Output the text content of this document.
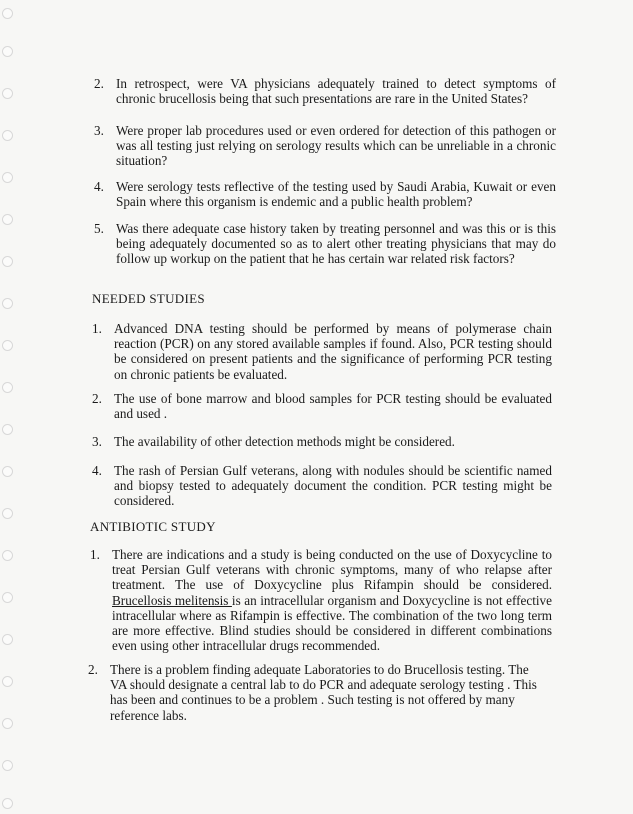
2. In retrospect, were VA physicians adequately trained to detect symptoms of chronic brucellosis being that such presentations are rare in the United States?
3. Were proper lab procedures used or even ordered for detection of this pathogen or was all testing just relying on serology results which can be unreliable in a chronic situation?
4. Were serology tests reflective of the testing used by Saudi Arabia, Kuwait or even Spain where this organism is endemic and a public health problem?
5. Was there adequate case history taken by treating personnel and was this or is this being adequately documented so as to alert other treating physicians that may do follow up workup on the patient that he has certain war related risk factors?
NEEDED STUDIES
1. Advanced DNA testing should be performed by means of polymerase chain reaction (PCR) on any stored available samples if found. Also, PCR testing should be considered on present patients and the significance of performing PCR testing on chronic patients be evaluated.
2. The use of bone marrow and blood samples for PCR testing should be evaluated and used .
3. The availability of other detection methods might be considered.
4. The rash of Persian Gulf veterans, along with nodules should be scientific named and biopsy tested to adequately document the condition. PCR testing might be considered.
ANTIBIOTIC STUDY
1. There are indications and a study is being conducted on the use of Doxycycline to treat Persian Gulf veterans with chronic symptoms, many of who relapse after treatment. The use of Doxycycline plus Rifampin should be considered. Brucellosis melitensis is an intracellular organism and Doxycycline is not effective intracellular where as Rifampin is effective. The combination of the two long term are more effective. Blind studies should be considered in different combinations even using other intracellular drugs recommended.
2. There is a problem finding adequate Laboratories to do Brucellosis testing. The VA should designate a central lab to do PCR and adequate serology testing . This has been and continues to be a problem . Such testing is not offered by many reference labs.
